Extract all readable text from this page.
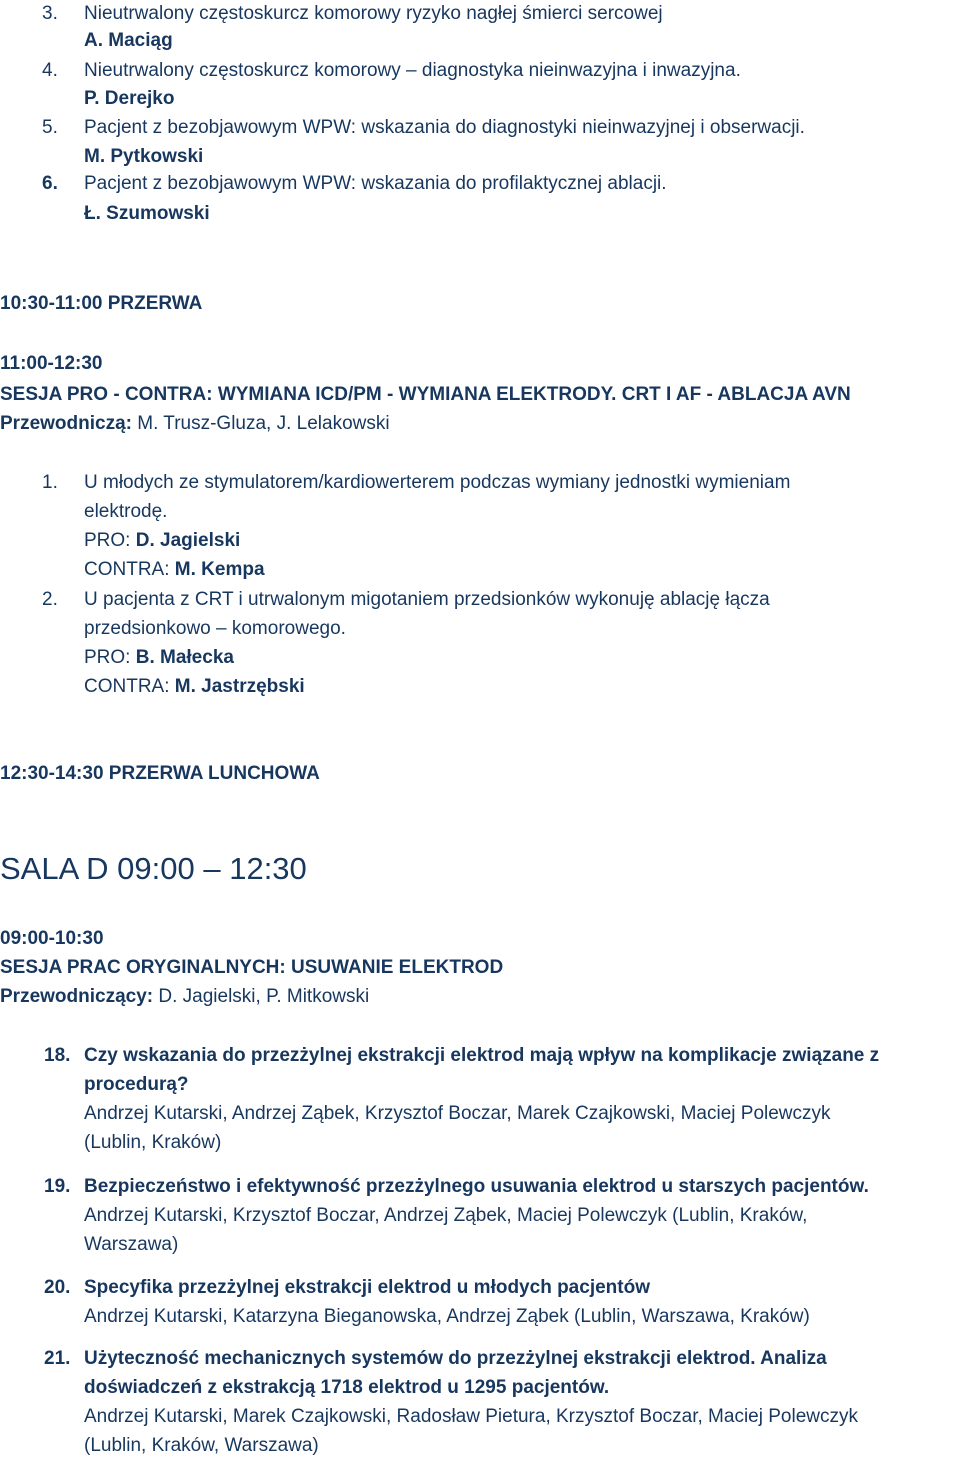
3. Nieutrwalony częstoskurcz komorowy ryzyko nagłej śmierci sercowej
A. Maciąg
4. Nieutrwalony częstoskurcz komorowy – diagnostyka nieinwazyjna i inwazyjna.
P. Derejko
5. Pacjent z bezobjawowym WPW: wskazania do diagnostyki nieinwazyjnej i obserwacji.
M. Pytkowski
6. Pacjent z bezobjawowym WPW: wskazania do profilaktycznej ablacji.
Ł. Szumowski
10:30-11:00 PRZERWA
11:00-12:30
SESJA PRO - CONTRA: WYMIANA ICD/PM - WYMIANA ELEKTRODY. CRT I AF - ABLACJA AVN
Przewodniczą: M. Trusz-Gluza, J. Lelakowski
1. U młodych ze stymulatorem/kardiowerterem podczas wymiany jednostki wymieniam
elektrodę.
PRO: D. Jagielski
CONTRA: M. Kempa
2. U pacjenta z CRT i utrwalonym migotaniem przedsionków wykonuję ablację łącza
przedsionkowo – komorowego.
PRO: B. Małecka
CONTRA: M. Jastrzębski
12:30-14:30 PRZERWA LUNCHOWA
SALA D 09:00 – 12:30
09:00-10:30
SESJA PRAC ORYGINALNYCH: USUWANIE ELEKTROD
Przewodniczący: D. Jagielski, P. Mitkowski
18. Czy wskazania do przezżylnej ekstrakcji elektrod mają wpływ na komplikacje związane z
procedurą?
Andrzej Kutarski, Andrzej Ząbek, Krzysztof Boczar, Marek Czajkowski, Maciej Polewczyk
(Lublin, Kraków)
19. Bezpieczeństwo i efektywność przezżylnego usuwania elektrod u starszych pacjentów.
Andrzej Kutarski, Krzysztof Boczar, Andrzej Ząbek, Maciej Polewczyk (Lublin, Kraków,
Warszawa)
20. Specyfika przezżylnej ekstrakcji elektrod u młodych pacjentów
Andrzej Kutarski, Katarzyna Bieganowska, Andrzej Ząbek (Lublin, Warszawa, Kraków)
21. Użyteczność mechanicznych systemów do przezżylnej ekstrakcji elektrod. Analiza
doświadczeń z ekstrakcją 1718 elektrod u 1295 pacjentów.
Andrzej Kutarski, Marek Czajkowski, Radosław Pietura, Krzysztof Boczar, Maciej Polewczyk
(Lublin, Kraków, Warszawa)
